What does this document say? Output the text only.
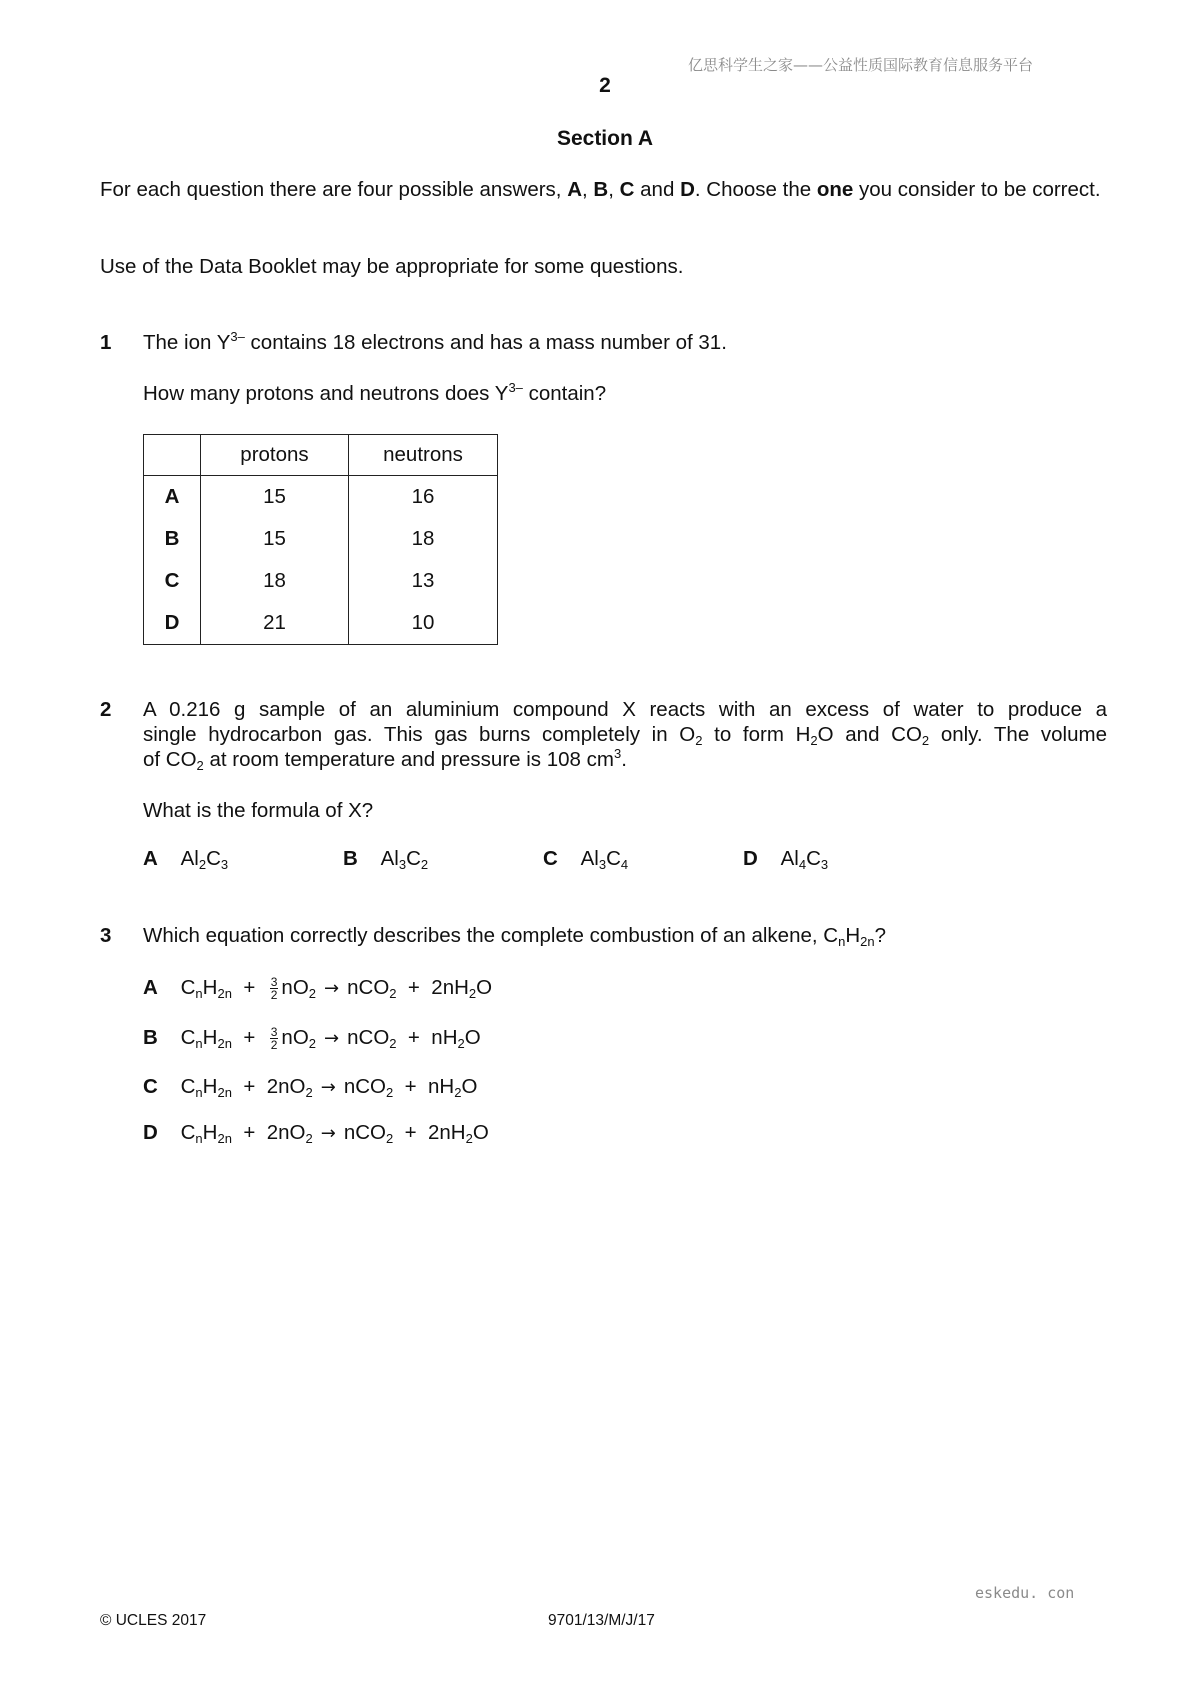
亿思科学生之家——公益性质国际教育信息服务平台
2
Section A
For each question there are four possible answers, A, B, C and D. Choose the one you consider to be correct.
Use of the Data Booklet may be appropriate for some questions.
1 The ion $Y^{3-}$ contains 18 electrons and has a mass number of 31.
How many protons and neutrons does $Y^{3-}$ contain?
	protons	neutrons
A	15	16
B	15	18
C	18	13
D	21	10
2 A 0.216 g sample of an aluminium compound X reacts with an excess of water to produce a
single hydrocarbon gas. This gas burns completely in $O_2$ to form $H_2O$ and $CO_2$ only. The volume
of $CO_2$ at room temperature and pressure is 108 $cm^3$.
What is the formula of X?
A $Al_2C_3$	B $Al_3C_2$	C $Al_3C_4$	D $Al_4C_3$
3 Which equation correctly describes the complete combustion of an alkene, $C_nH_{2n}$?
A $C_nH_{2n} + \frac{3}{2} nO_2 \to nCO_2 + 2nH_2O$
B $C_nH_{2n} + \frac{3}{2} nO_2 \to nCO_2 + nH_2O$
C $C_nH_{2n} + 2nO_2 \to nCO_2 + nH_2O$
D $C_nH_{2n} + 2nO_2 \to nCO_2 + 2nH_2O$
eskedu. con
© UCLES 2017	9701/13/M/J/17
